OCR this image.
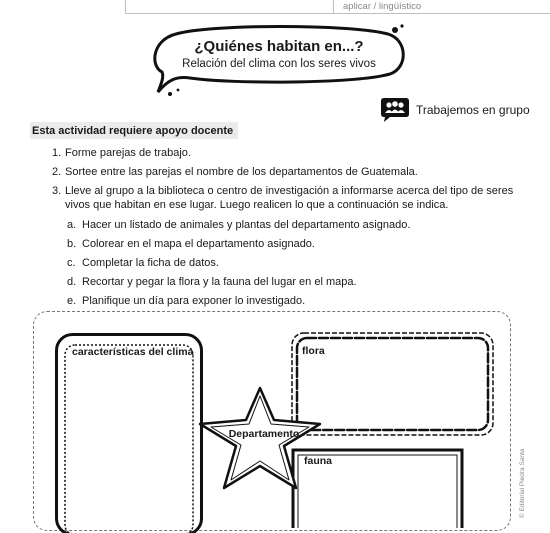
aplicar / lingüístico
¿Quiénes habitan en...?
Relación del clima con los seres vivos
Trabajemos en grupo
Esta actividad requiere apoyo docente
1. Forme parejas de trabajo.
2. Sortee entre las parejas el nombre de los departamentos de Guatemala.
3. Lleve al grupo a la biblioteca o centro de investigación a informarse acerca del tipo de seres
vivos que habitan en ese lugar. Luego realicen lo que a continuación se indica.
a. Hacer un listado de animales y plantas del departamento asignado.
b. Colorear en el mapa el departamento asignado.
c. Completar la ficha de datos.
d. Recortar y pegar la flora y la fauna del lugar en el mapa.
e. Planifique un día para exponer lo investigado.
características del clima	flora
fauna
Departamento
© Editorial Piedra Santa
